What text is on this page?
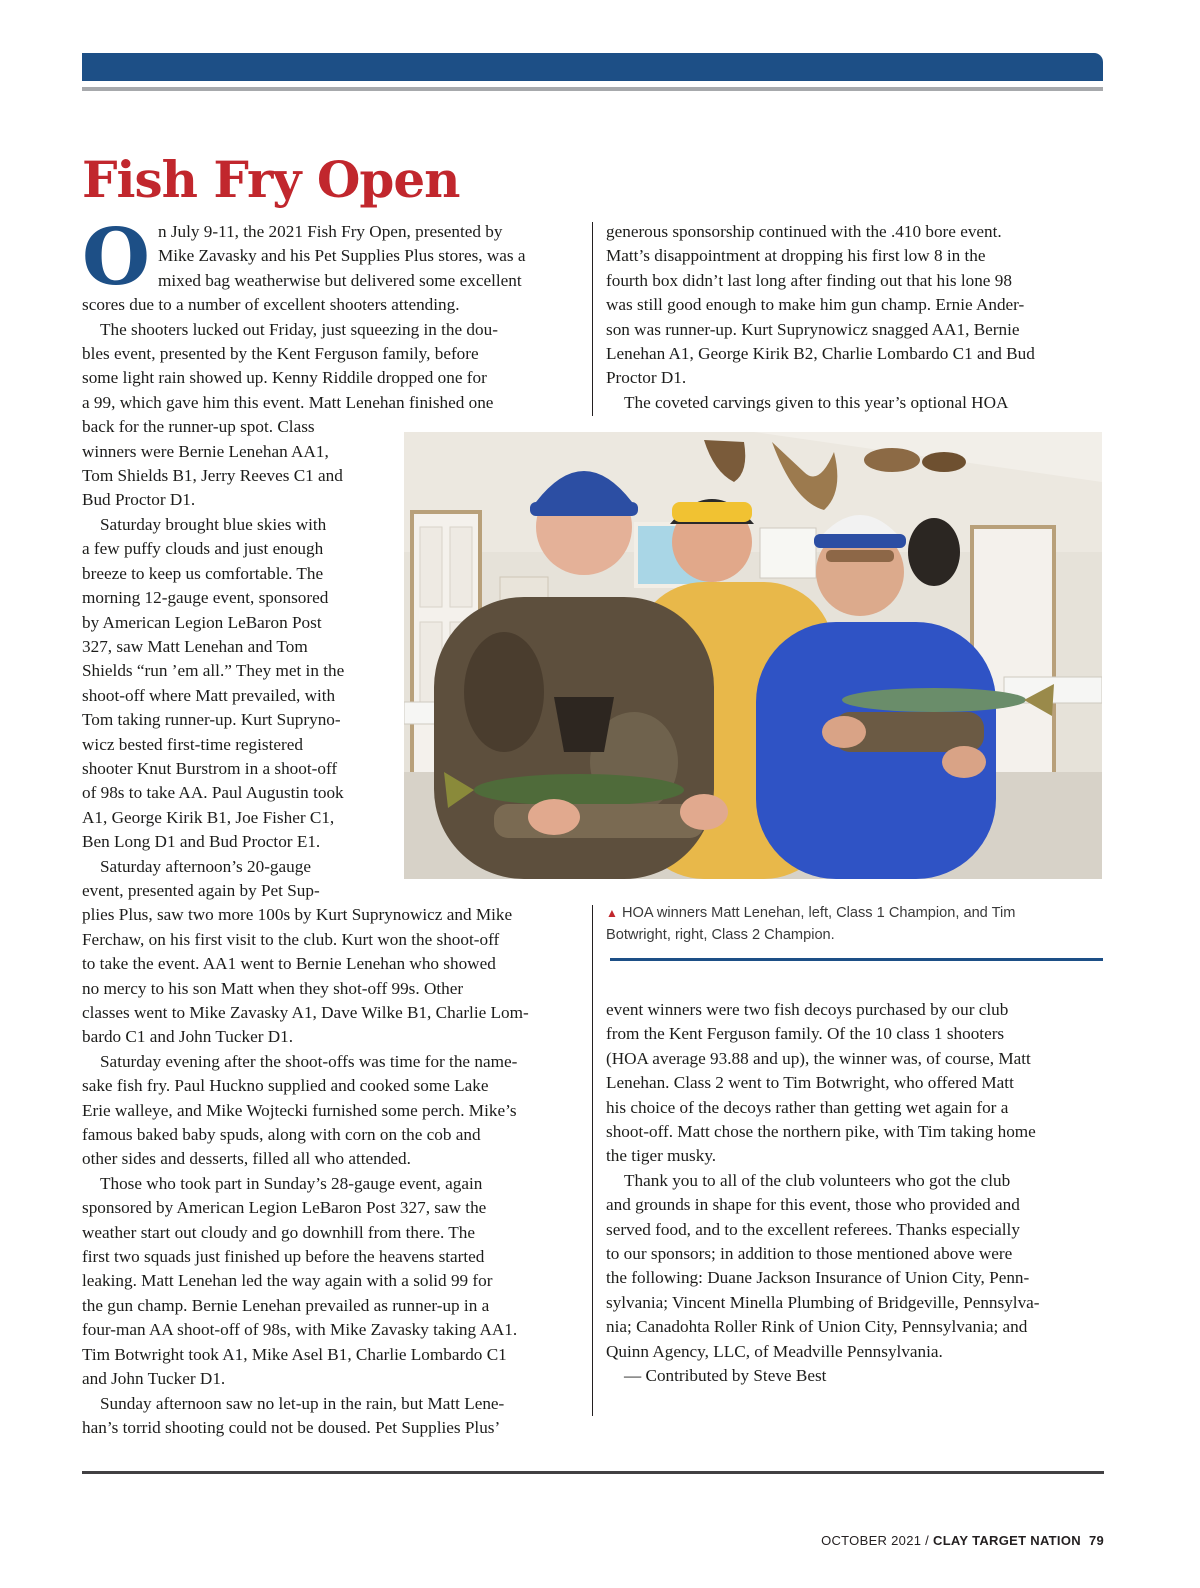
Fish Fry Open
O n July 9-11, the 2021 Fish Fry Open, presented by
Mike Zavasky and his Pet Supplies Plus stores, was a
mixed bag weatherwise but delivered some excellent
scores due to a number of excellent shooters attending.
The shooters lucked out Friday, just squeezing in the dou-
bles event, presented by the Kent Ferguson family, before
some light rain showed up. Kenny Riddile dropped one for
a 99, which gave him this event. Matt Lenehan finished one
back for the runner-up spot. Class
winners were Bernie Lenehan AA1,
Tom Shields B1, Jerry Reeves C1 and
Bud Proctor D1.
Saturday brought blue skies with
a few puffy clouds and just enough
breeze to keep us comfortable. The
morning 12-gauge event, sponsored
by American Legion LeBaron Post
327, saw Matt Lenehan and Tom
Shields “run ’em all.” They met in the
shoot-off where Matt prevailed, with
Tom taking runner-up. Kurt Supryno-
wicz bested first-time registered
shooter Knut Burstrom in a shoot-off
of 98s to take AA. Paul Augustin took
A1, George Kirik B1, Joe Fisher C1,
Ben Long D1 and Bud Proctor E1.
Saturday afternoon’s 20-gauge
event, presented again by Pet Sup-
plies Plus, saw two more 100s by Kurt Suprynowicz and Mike
Ferchaw, on his first visit to the club. Kurt won the shoot-off
to take the event. AA1 went to Bernie Lenehan who showed
no mercy to his son Matt when they shot-off 99s. Other
classes went to Mike Zavasky A1, Dave Wilke B1, Charlie Lom-
bardo C1 and John Tucker D1.
Saturday evening after the shoot-offs was time for the name-
sake fish fry. Paul Huckno supplied and cooked some Lake
Erie walleye, and Mike Wojtecki furnished some perch. Mike’s
famous baked baby spuds, along with corn on the cob and
other sides and desserts, filled all who attended.
Those who took part in Sunday’s 28-gauge event, again
sponsored by American Legion LeBaron Post 327, saw the
weather start out cloudy and go downhill from there. The
first two squads just finished up before the heavens started
leaking. Matt Lenehan led the way again with a solid 99 for
the gun champ. Bernie Lenehan prevailed as runner-up in a
four-man AA shoot-off of 98s, with Mike Zavasky taking AA1.
Tim Botwright took A1, Mike Asel B1, Charlie Lombardo C1
and John Tucker D1.
Sunday afternoon saw no let-up in the rain, but Matt Lene-
han’s torrid shooting could not be doused. Pet Supplies Plus’
generous sponsorship continued with the .410 bore event.
Matt’s disappointment at dropping his first low 8 in the
fourth box didn’t last long after finding out that his lone 98
was still good enough to make him gun champ. Ernie Ander-
son was runner-up. Kurt Suprynowicz snagged AA1, Bernie
Lenehan A1, George Kirik B2, Charlie Lombardo C1 and Bud
Proctor D1.
The coveted carvings given to this year’s optional HOA
▲ HOA winners Matt Lenehan, left, Class 1 Champion, and Tim
Botwright, right, Class 2 Champion.
event winners were two fish decoys purchased by our club
from the Kent Ferguson family. Of the 10 class 1 shooters
(HOA average 93.88 and up), the winner was, of course, Matt
Lenehan. Class 2 went to Tim Botwright, who offered Matt
his choice of the decoys rather than getting wet again for a
shoot-off. Matt chose the northern pike, with Tim taking home
the tiger musky.
Thank you to all of the club volunteers who got the club
and grounds in shape for this event, those who provided and
served food, and to the excellent referees. Thanks especially
to our sponsors; in addition to those mentioned above were
the following: Duane Jackson Insurance of Union City, Penn-
sylvania; Vincent Minella Plumbing of Bridgeville, Pennsylva-
nia; Canadohta Roller Rink of Union City, Pennsylvania; and
Quinn Agency, LLC, of Meadville Pennsylvania.
— Contributed by Steve Best
OCTOBER 2021 / CLAY TARGET NATION 79
